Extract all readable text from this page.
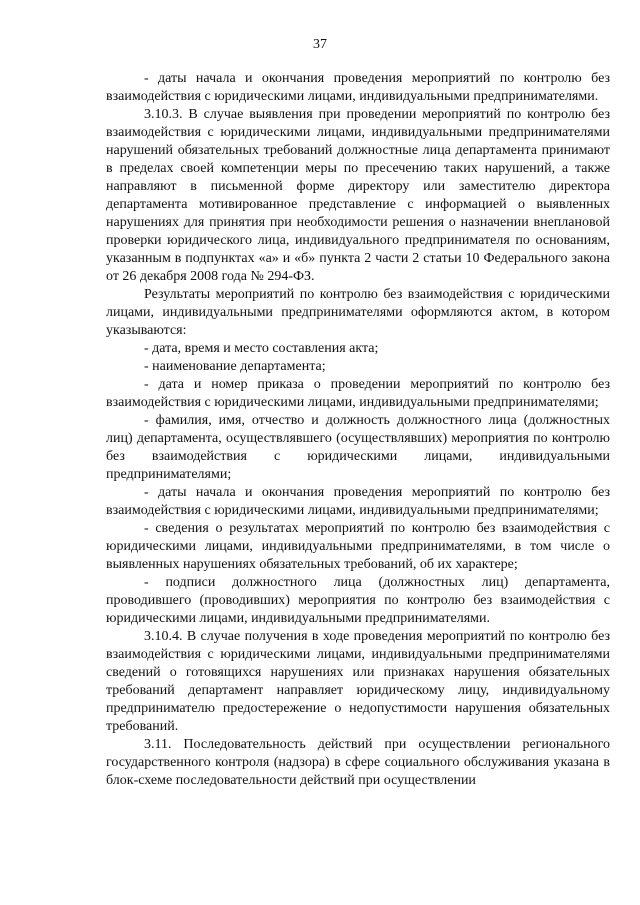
37

- даты начала и окончания проведения мероприятий по контролю без взаимодействия с юридическими лицами, индивидуальными предпринимателями.

3.10.3. В случае выявления при проведении мероприятий по контролю без взаимодействия с юридическими лицами, индивидуальными предпринимателями нарушений обязательных требований должностные лица департамента принимают в пределах своей компетенции меры по пресечению таких нарушений, а также направляют в письменной форме директору или заместителю директора департамента мотивированное представление с информацией о выявленных нарушениях для принятия при необходимости решения о назначении внеплановой проверки юридического лица, индивидуального предпринимателя по основаниям, указанным в подпунктах «а» и «б» пункта 2 части 2 статьи 10 Федерального закона от 26 декабря 2008 года № 294-ФЗ.

Результаты мероприятий по контролю без взаимодействия с юридическими лицами, индивидуальными предпринимателями оформляются актом, в котором указываются:

- дата, время и место составления акта;

- наименование департамента;

- дата и номер приказа о проведении мероприятий по контролю без взаимодействия с юридическими лицами, индивидуальными предпринимателями;

- фамилия, имя, отчество и должность должностного лица (должностных лиц) департамента, осуществлявшего (осуществлявших) мероприятия по контролю без взаимодействия с юридическими лицами, индивидуальными предпринимателями;

- даты начала и окончания проведения мероприятий по контролю без взаимодействия с юридическими лицами, индивидуальными предпринимателями;

- сведения о результатах мероприятий по контролю без взаимодействия с юридическими лицами, индивидуальными предпринимателями, в том числе о выявленных нарушениях обязательных требований, об их характере;

- подписи должностного лица (должностных лиц) департамента, проводившего (проводивших) мероприятия по контролю без взаимодействия с юридическими лицами, индивидуальными предпринимателями.

3.10.4. В случае получения в ходе проведения мероприятий по контролю без взаимодействия с юридическими лицами, индивидуальными предпринимателями сведений о готовящихся нарушениях или признаках нарушения обязательных требований департамент направляет юридическому лицу, индивидуальному предпринимателю предостережение о недопустимости нарушения обязательных требований.

3.11. Последовательность действий при осуществлении регионального государственного контроля (надзора) в сфере социального обслуживания указана в блок-схеме последовательности действий при осуществлении
